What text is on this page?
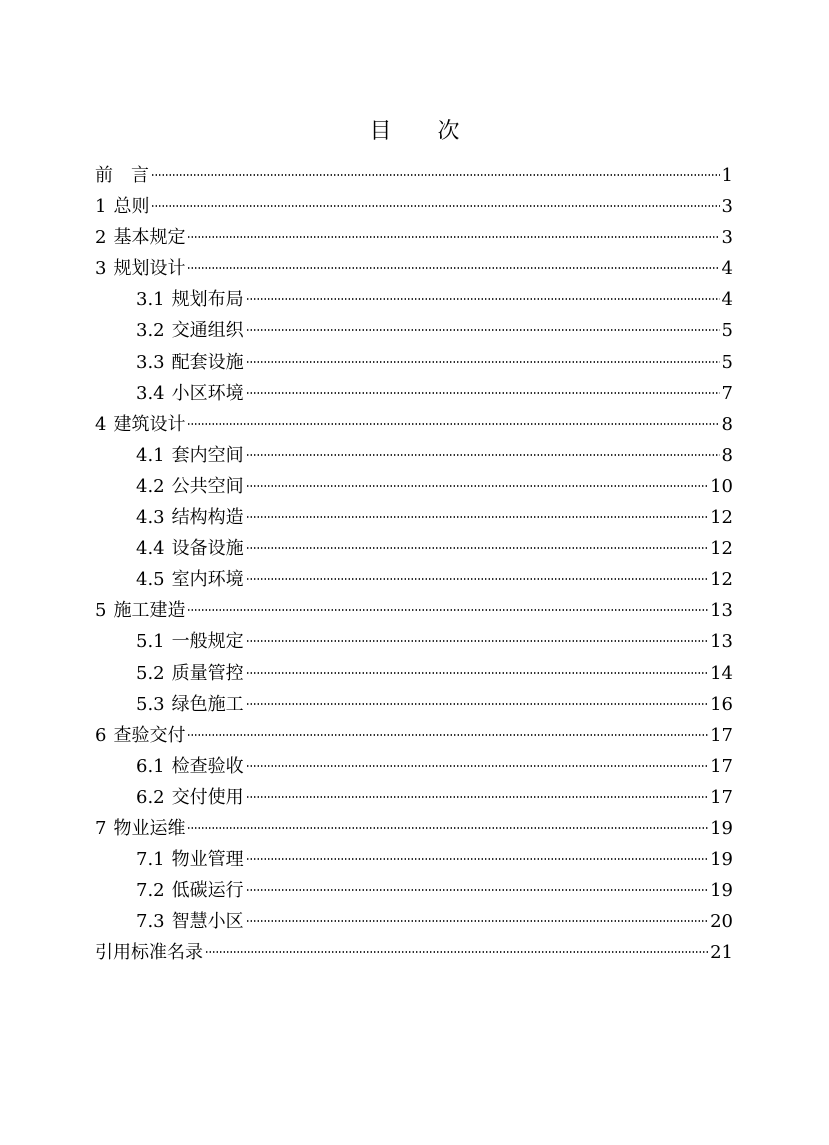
目 次
前　言	1
1 总则	3
2 基本规定	3
3 规划设计	4
3.1 规划布局	4
3.2 交通组织	5
3.3 配套设施	5
3.4 小区环境	7
4 建筑设计	8
4.1 套内空间	8
4.2 公共空间	10
4.3 结构构造	12
4.4 设备设施	12
4.5 室内环境	12
5 施工建造	13
5.1 一般规定	13
5.2 质量管控	14
5.3 绿色施工	16
6 查验交付	17
6.1 检查验收	17
6.2 交付使用	17
7 物业运维	19
7.1 物业管理	19
7.2 低碳运行	19
7.3 智慧小区	20
引用标准名录	21
